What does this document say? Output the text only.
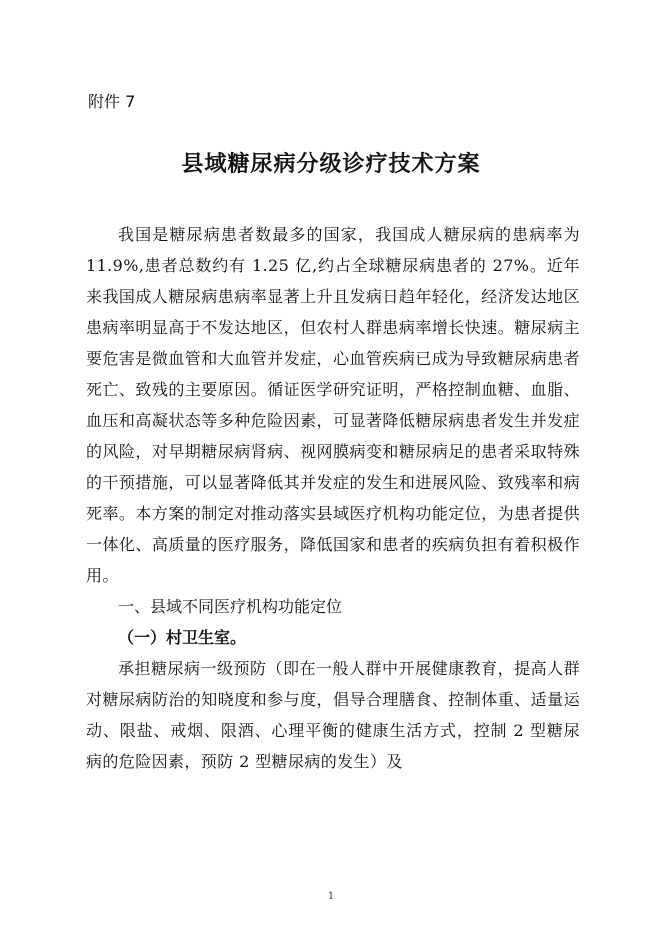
附件 7
县域糖尿病分级诊疗技术方案

我国是糖尿病患者数最多的国家，我国成人糖尿病的患病率为 11.9%,患者总数约有 1.25 亿,约占全球糖尿病患者的 27%。近年来我国成人糖尿病患病率显著上升且发病日趋年轻化，经济发达地区患病率明显高于不发达地区，但农村人群患病率增长快速。糖尿病主要危害是微血管和大血管并发症，心血管疾病已成为导致糖尿病患者死亡、致残的主要原因。循证医学研究证明，严格控制血糖、血脂、血压和高凝状态等多种危险因素，可显著降低糖尿病患者发生并发症的风险，对早期糖尿病肾病、视网膜病变和糖尿病足的患者采取特殊的干预措施，可以显著降低其并发症的发生和进展风险、致残率和病死率。本方案的制定对推动落实县域医疗机构功能定位，为患者提供一体化、高质量的医疗服务，降低国家和患者的疾病负担有着积极作用。

一、县域不同医疗机构功能定位

（一）村卫生室。

承担糖尿病一级预防（即在一般人群中开展健康教育，提高人群对糖尿病防治的知晓度和参与度，倡导合理膳食、控制体重、适量运动、限盐、戒烟、限酒、心理平衡的健康生活方式，控制 2 型糖尿病的危险因素，预防 2 型糖尿病的发生）及

1
